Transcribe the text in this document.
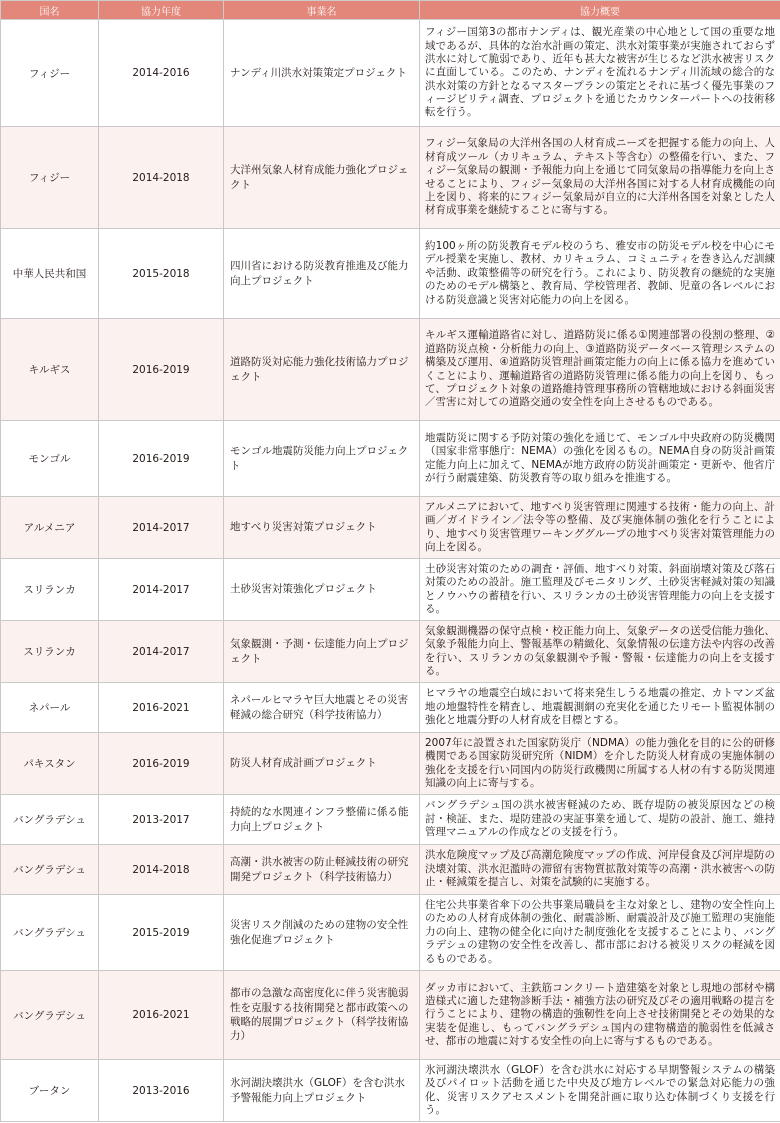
国名	協力年度	事業名	協力概要
フィジー	2014-2016	ナンディ川洪水対策策定プロジェクト	フィジー国第3の都市ナンディは、観光産業の中心地として国の重要な地域であるが、具体的な治水計画の策定、洪水対策事業が実施されておらず洪水に対して脆弱であり、近年も甚大な被害が生じるなど洪水被害リスクに直面している。このため、ナンディを流れるナンディ川流域の総合的な洪水対策の方針となるマスタープランの策定とそれに基づく優先事業のフィージビリティ調査、プロジェクトを通じたカウンターパートへの技術移転を行う。
フィジー	2014-2018	大洋州気象人材育成能力強化プロジェクト	フィジー気象局の大洋州各国の人材育成ニーズを把握する能力の向上、人材育成ツール（カリキュラム、テキスト等含む）の整備を行い、また、フィジー気象局の観測・予報能力向上を通じて同気象局の指導能力を向上させることにより、フィジー気象局の大洋州各国に対する人材育成機能の向上を図り、将来的にフィジー気象局が自立的に大洋州各国を対象とした人材育成事業を継続することに寄与する。
中華人民共和国	2015-2018	四川省における防災教育推進及び能力向上プロジェクト	約100ヶ所の防災教育モデル校のうち、雅安市の防災モデル校を中心にモデル授業を実施し、教材、カリキュラム、コミュニティを巻き込んだ訓練や活動、政策整備等の研究を行う。これにより、防災教育の継続的な実施のためのモデル構築と、教育局、学校管理者、教師、児童の各レベルにおける防災意識と災害対応能力の向上を図る。
キルギス	2016-2019	道路防災対応能力強化技術協力プロジェクト	キルギス運輸道路省に対し、道路防災に係る①関連部署の役割の整理、②道路防災点検・分析能力の向上、③道路防災データベース管理システムの構築及び運用、④道路防災管理計画策定能力の向上に係る協力を進めていくことにより、運輸道路省の道路防災管理に係る能力の向上を図り、もって、プロジェクト対象の道路維持管理事務所の管轄地域における斜面災害／雪害に対しての道路交通の安全性を向上させるものである。
モンゴル	2016-2019	モンゴル地震防災能力向上プロジェクト	地震防災に関する予防対策の強化を通じて、モンゴル中央政府の防災機関（国家非常事態庁：NEMA）の強化を図るもの。NEMA自身の防災計画策定能力向上に加えて、NEMAが地方政府の防災計画策定・更新や、他省庁が行う耐震建築、防災教育等の取り組みを推進する。
アルメニア	2014-2017	地すべり災害対策プロジェクト	アルメニアにおいて、地すべり災害管理に関連する技術・能力の向上、計画／ガイドライン／法令等の整備、及び実施体制の強化を行うことにより、地すべり災害管理ワーキンググループの地すべり災害対策管理能力の向上を図る。
スリランカ	2014-2017	土砂災害対策強化プロジェクト	土砂災害対策のための調査・評価、地すべり対策、斜面崩壊対策及び落石対策のための設計。施工監理及びモニタリング、土砂災害軽減対策の知識とノウハウの蓄積を行い、スリランカの土砂災害管理能力の向上を支援する。
スリランカ	2014-2017	気象観測・予測・伝達能力向上プロジェクト	気象観測機器の保守点検・校正能力向上、気象データの送受信能力強化、気象予報能力向上、警報基準の精緻化、気象情報の伝達方法や内容の改善を行い、スリランカの気象観測や予報・警報・伝達能力の向上を支援する。
ネパール	2016-2021	ネパールヒマラヤ巨大地震とその災害軽減の総合研究（科学技術協力）	ヒマラヤの地震空白域において将来発生しうる地震の推定、カトマンズ盆地の地盤特性を精査し、地震観測網の充実化を通じたリモート監視体制の強化と地震分野の人材育成を目標とする。
パキスタン	2016-2019	防災人材育成計画プロジェクト	2007年に設置された国家防災庁（NDMA）の能力強化を目的に公的研修機関である国家防災研究所（NIDM）を介した防災人材育成の実施体制の強化を支援を行い同国内の防災行政機関に所属する人材の有する防災関連知識の向上に寄与する。
バングラデシュ	2013-2017	持続的な水関連インフラ整備に係る能力向上プロジェクト	バングラデシュ国の洪水被害軽減のため、既存堤防の被災原因などの検討・検証、また、堤防建設の実証事業を通して、堤防の設計、施工、維持管理マニュアルの作成などの支援を行う。
バングラデシュ	2014-2018	高潮・洪水被害の防止軽減技術の研究開発プロジェクト（科学技術協力）	洪水危険度マップ及び高潮危険度マップの作成、河岸侵食及び河岸堤防の決壊対策、洪水氾濫時の滞留有害物質拡散対策等の高潮・洪水被害への防止・軽減策を提言し、対策を試験的に実施する。
バングラデシュ	2015-2019	災害リスク削減のための建物の安全性強化促進プロジェクト	住宅公共事業省傘下の公共事業局職員を主な対象とし、建物の安全性向上のための人材育成体制の強化、耐震診断、耐震設計及び施工監理の実施能力の向上、建物の健全化に向けた制度強化を支援することにより、バングラデシュの建物の安全性を改善し、都市部における被災リスクの軽減を図るものである。
バングラデシュ	2016-2021	都市の急激な高密度化に伴う災害脆弱性を克服する技術開発と都市政策への戦略的展開プロジェクト（科学技術協力）	ダッカ市において、主鉄筋コンクリート造建築を対象とし現地の部材や構造様式に適した建物診断手法・補強方法の研究及びその適用戦略の提言を行うことにより、建物の構造的強靭性を向上させ技術開発とその効果的な実装を促進し、もってバングラデシュ国内の建物構造的脆弱性を低減させ、都市の地震に対する安全性の向上に寄与するものである。
ブータン	2013-2016	氷河湖決壊洪水（GLOF）を含む洪水予警報能力向上プロジェクト	氷河湖決壊洪水（GLOF）を含む洪水に対応する早期警報システムの構築及びパイロット活動を通じた中央及び地方レベルでの緊急対応能力の強化、災害リスクアセスメントを開発計画に取り込む体制づくり支援を行う。
